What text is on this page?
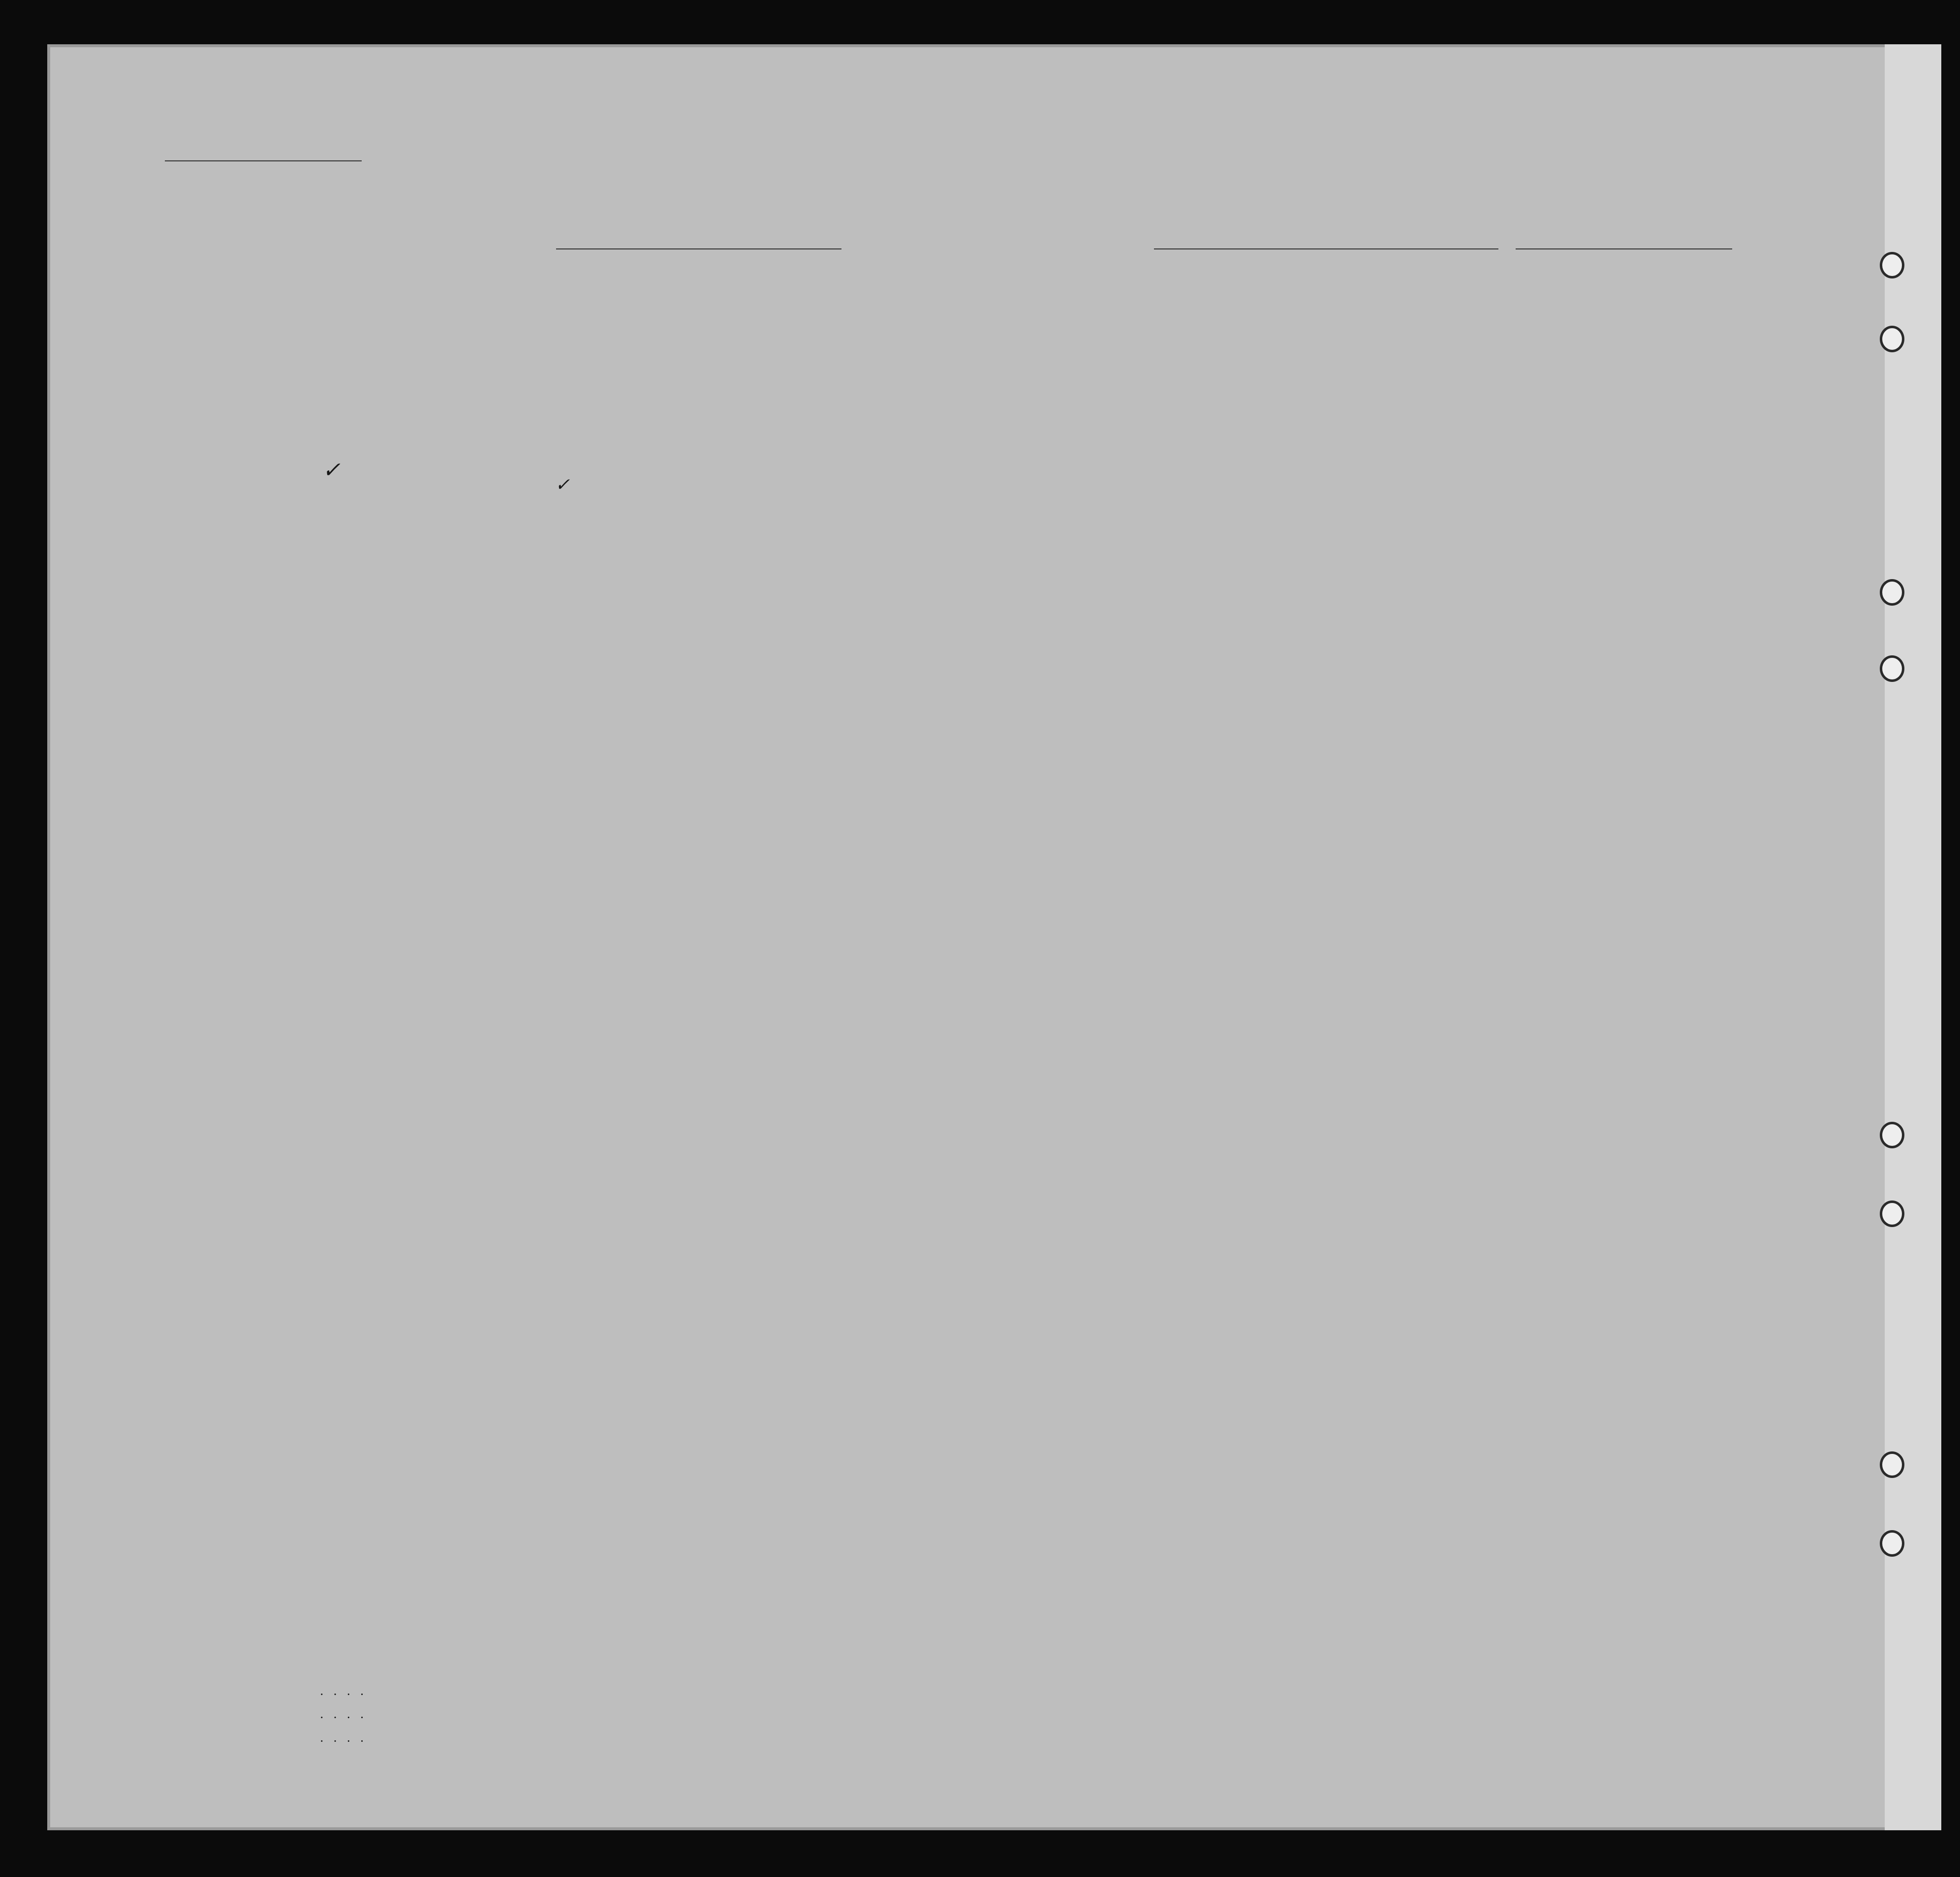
✓
✓
. . . .
. . . .
. . . .
